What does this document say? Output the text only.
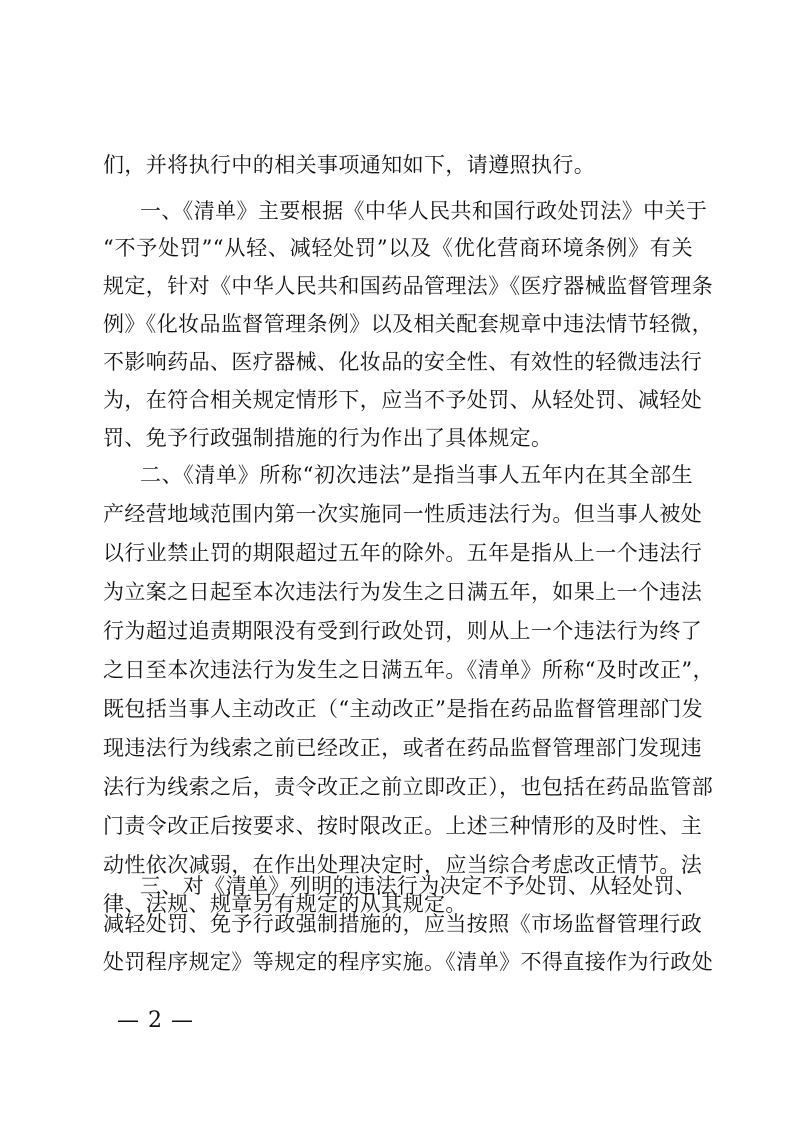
们，并将执行中的相关事项通知如下，请遵照执行。
一、《清单》主要根据《中华人民共和国行政处罚法》中关于
“不予处罚”“从轻、减轻处罚”以及《优化营商环境条例》有关
规定，针对《中华人民共和国药品管理法》《医疗器械监督管理条
例》《化妆品监督管理条例》以及相关配套规章中违法情节轻微，
不影响药品、医疗器械、化妆品的安全性、有效性的轻微违法行
为，在符合相关规定情形下，应当不予处罚、从轻处罚、减轻处
罚、免予行政强制措施的行为作出了具体规定。
二、《清单》所称“初次违法”是指当事人五年内在其全部生
产经营地域范围内第一次实施同一性质违法行为。但当事人被处
以行业禁止罚的期限超过五年的除外。五年是指从上一个违法行
为立案之日起至本次违法行为发生之日满五年，如果上一个违法
行为超过追责期限没有受到行政处罚，则从上一个违法行为终了
之日至本次违法行为发生之日满五年。《清单》所称“及时改正”，
既包括当事人主动改正（“主动改正”是指在药品监督管理部门发
现违法行为线索之前已经改正，或者在药品监督管理部门发现违
法行为线索之后，责令改正之前立即改正），也包括在药品监管部
门责令改正后按要求、按时限改正。上述三种情形的及时性、主
动性依次减弱，在作出处理决定时，应当综合考虑改正情节。法
律、法规、规章另有规定的从其规定。
三、对《清单》列明的违法行为决定不予处罚、从轻处罚、
减轻处罚、免予行政强制措施的，应当按照《市场监督管理行政
处罚程序规定》等规定的程序实施。《清单》不得直接作为行政处
— 2 —
